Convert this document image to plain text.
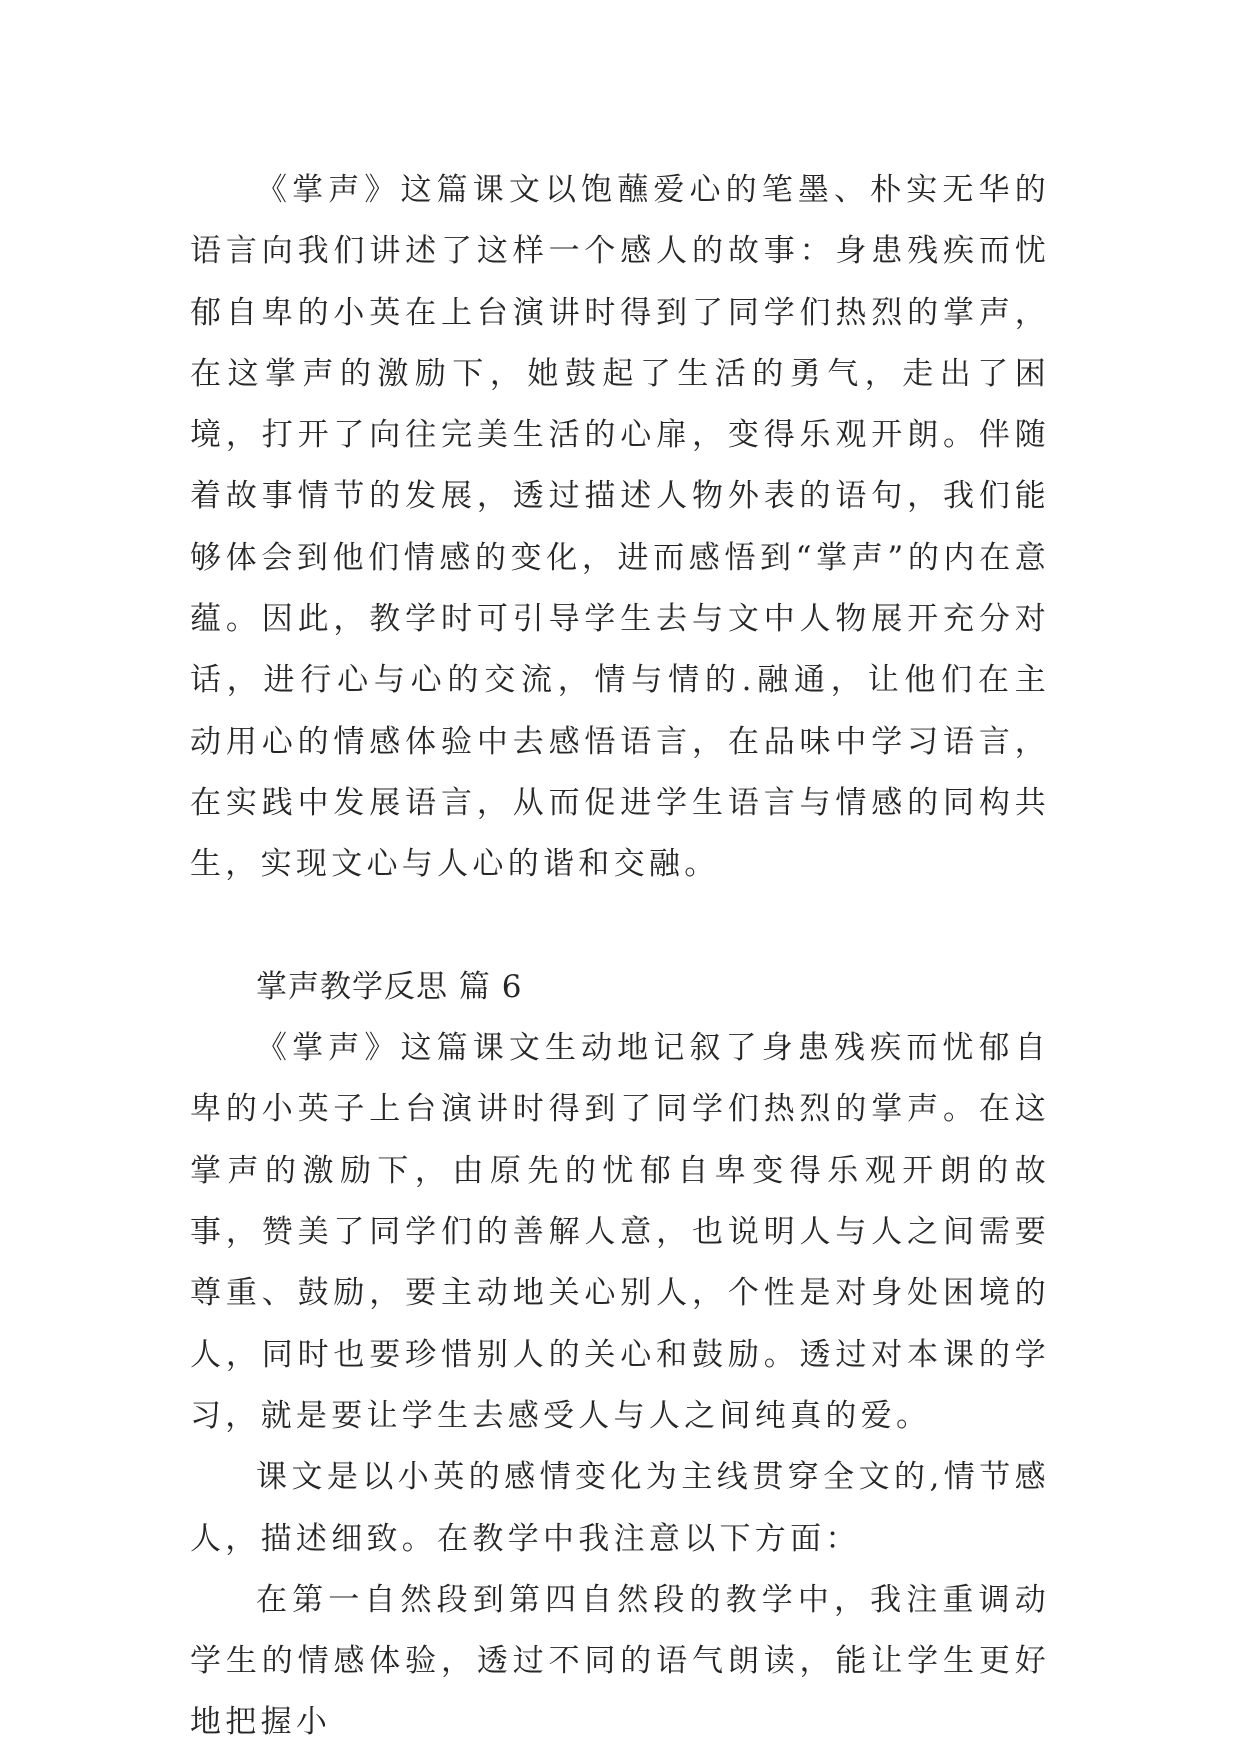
《掌声》这篇课文以饱蘸爱心的笔墨、朴实无华的语言向我们讲述了这样一个感人的故事：身患残疾而忧郁自卑的小英在上台演讲时得到了同学们热烈的掌声，在这掌声的激励下，她鼓起了生活的勇气，走出了困境，打开了向往完美生活的心扉，变得乐观开朗。伴随着故事情节的发展，透过描述人物外表的语句，我们能够体会到他们情感的变化，进而感悟到“掌声”的内在意蕴。因此，教学时可引导学生去与文中人物展开充分对话，进行心与心的交流，情与情的.融通，让他们在主动用心的情感体验中去感悟语言，在品味中学习语言，在实践中发展语言，从而促进学生语言与情感的同构共生，实现文心与人心的谐和交融。

掌声教学反思 篇 6

《掌声》这篇课文生动地记叙了身患残疾而忧郁自卑的小英子上台演讲时得到了同学们热烈的掌声。在这掌声的激励下，由原先的忧郁自卑变得乐观开朗的故事，赞美了同学们的善解人意，也说明人与人之间需要尊重、鼓励，要主动地关心别人，个性是对身处困境的人，同时也要珍惜别人的关心和鼓励。透过对本课的学习，就是要让学生去感受人与人之间纯真的爱。

课文是以小英的感情变化为主线贯穿全文的,情节感人，描述细致。在教学中我注意以下方面：

在第一自然段到第四自然段的教学中，我注重调动学生的情感体验，透过不同的语气朗读，能让学生更好地把握小
